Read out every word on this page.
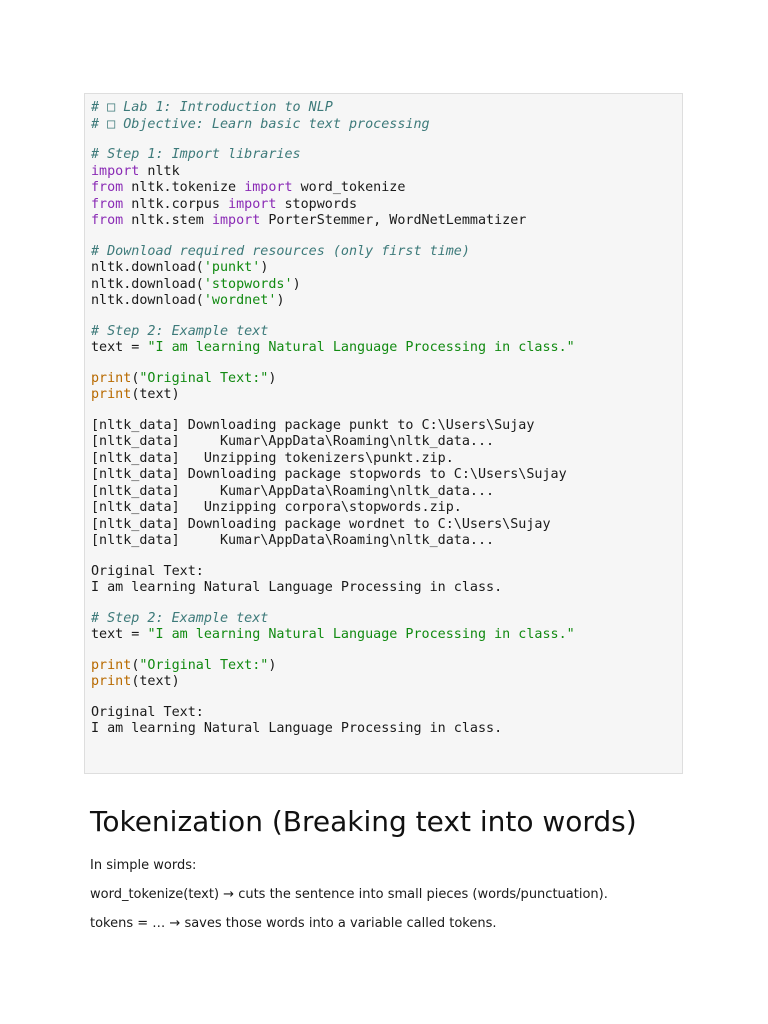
# □ Lab 1: Introduction to NLP
# □ Objective: Learn basic text processing
# Step 1: Import libraries
import nltk
from nltk.tokenize import word_tokenize
from nltk.corpus import stopwords
from nltk.stem import PorterStemmer, WordNetLemmatizer
# Download required resources (only first time)
nltk.download('punkt')
nltk.download('stopwords')
nltk.download('wordnet')
# Step 2: Example text
text = "I am learning Natural Language Processing in class."
print("Original Text:")
print(text)
[nltk_data] Downloading package punkt to C:\Users\Sujay
[nltk_data]     Kumar\AppData\Roaming\nltk_data...
[nltk_data]   Unzipping tokenizers\punkt.zip.
[nltk_data] Downloading package stopwords to C:\Users\Sujay
[nltk_data]     Kumar\AppData\Roaming\nltk_data...
[nltk_data]   Unzipping corpora\stopwords.zip.
[nltk_data] Downloading package wordnet to C:\Users\Sujay
[nltk_data]     Kumar\AppData\Roaming\nltk_data...
Original Text:
I am learning Natural Language Processing in class.
# Step 2: Example text
text = "I am learning Natural Language Processing in class."
print("Original Text:")
print(text)
Original Text:
I am learning Natural Language Processing in class.
Tokenization (Breaking text into words)

In simple words:

word_tokenize(text) → cuts the sentence into small pieces (words/punctuation).

tokens = … → saves those words into a variable called tokens.
